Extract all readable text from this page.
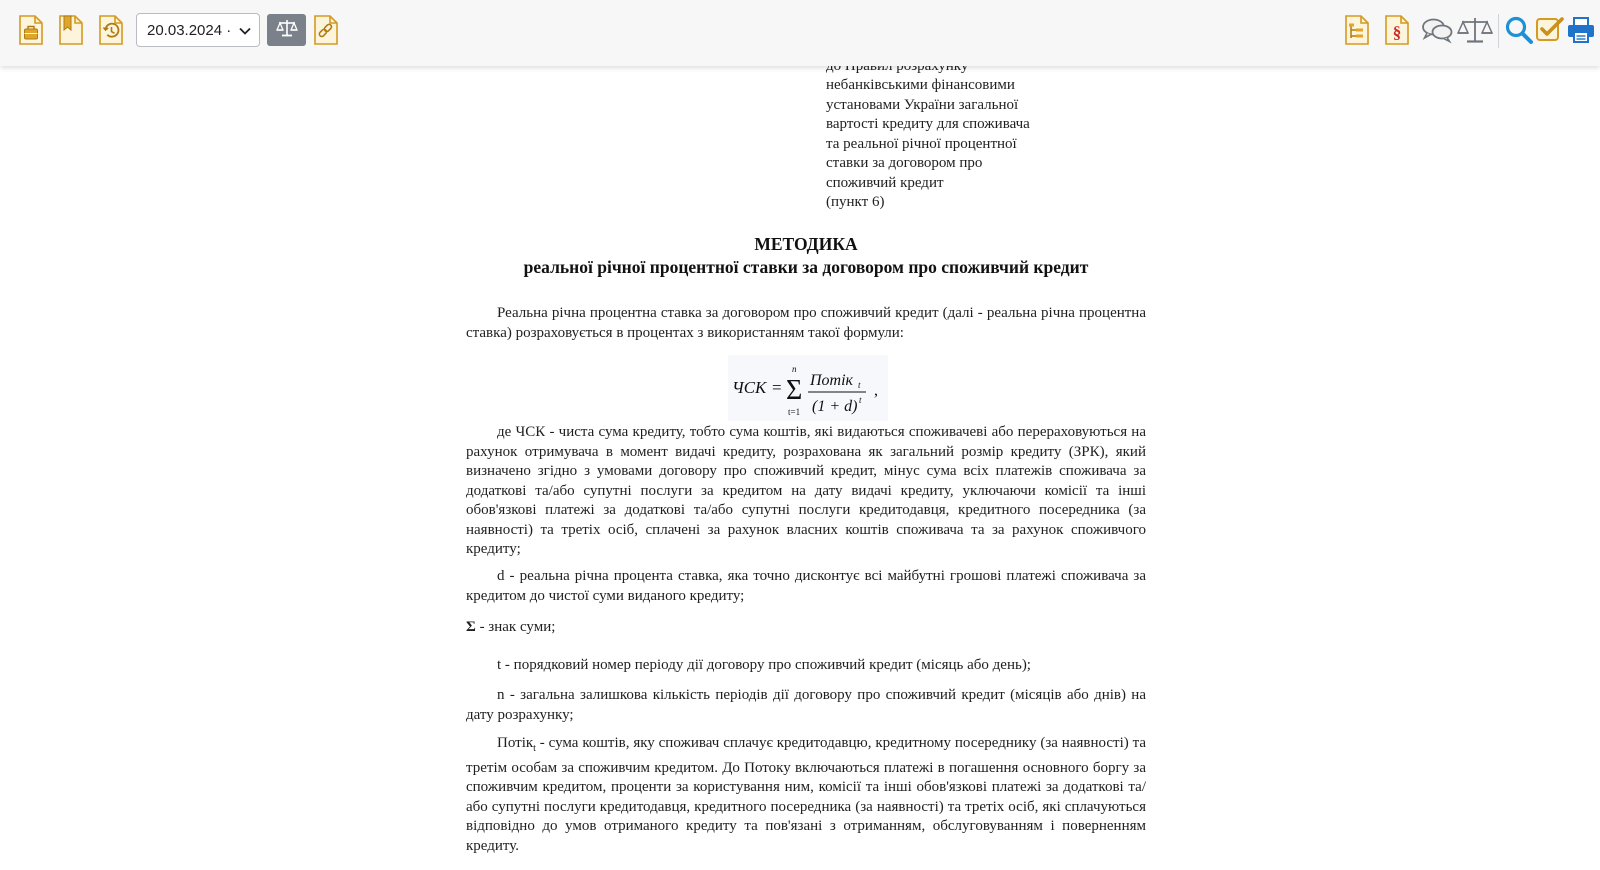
20.03.2024 ·	§
небанківськими фінансовими
установами України загальної
вартості кредиту для споживача
та реальної річної процентної
ставки за договором про
споживчий кредит
(пункт 6)
МЕТОДИКА
реальної річної процентної ставки за договором про споживчий кредит
Реальна річна процентна ставка за договором про споживчий кредит (далі - реальна річна процентна ставка) розраховується в процентах з використанням такої формули:
ЧСК = Σ
n
t=1
Потік t
(1 + d) t
,
де ЧСК - чиста сума кредиту, тобто сума коштів, які видаються споживачеві або перераховуються на рахунок отримувача в момент видачі кредиту, розрахована як загальний розмір кредиту (ЗРК), який визначено згідно з умовами договору про споживчий кредит, мінус сума всіх платежів споживача за додаткові та/або супутні послуги за кредитом на дату видачі кредиту, уключаючи комісії та інші обов'язкові платежі за додаткові та/або супутні послуги кредитодавця, кредитного посередника (за наявності) та третіх осіб, сплачені за рахунок власних коштів споживача та за рахунок споживчого кредиту;
d - реальна річна процента ставка, яка точно дисконтує всі майбутні грошові платежі споживача за кредитом до чистої суми виданого кредиту;
Σ - знак суми;
t - порядковий номер періоду дії договору про споживчий кредит (місяць або день);
n - загальна залишкова кількість періодів дії договору про споживчий кредит (місяців або днів) на дату розрахунку;
Потік$_t$ - сума коштів, яку споживач сплачує кредитодавцю, кредитному посереднику (за наявності) та третім особам за споживчим кредитом. До Потоку включаються платежі в погашення основного боргу за споживчим кредитом, проценти за користування ним, комісії та інші обов'язкові платежі за додаткові та/або супутні послуги кредитодавця, кредитного посередника (за наявності) та третіх осіб, які сплачуються відповідно до умов отриманого кредиту та пов'язані з отриманням, обслуговуванням і поверненням кредиту.
